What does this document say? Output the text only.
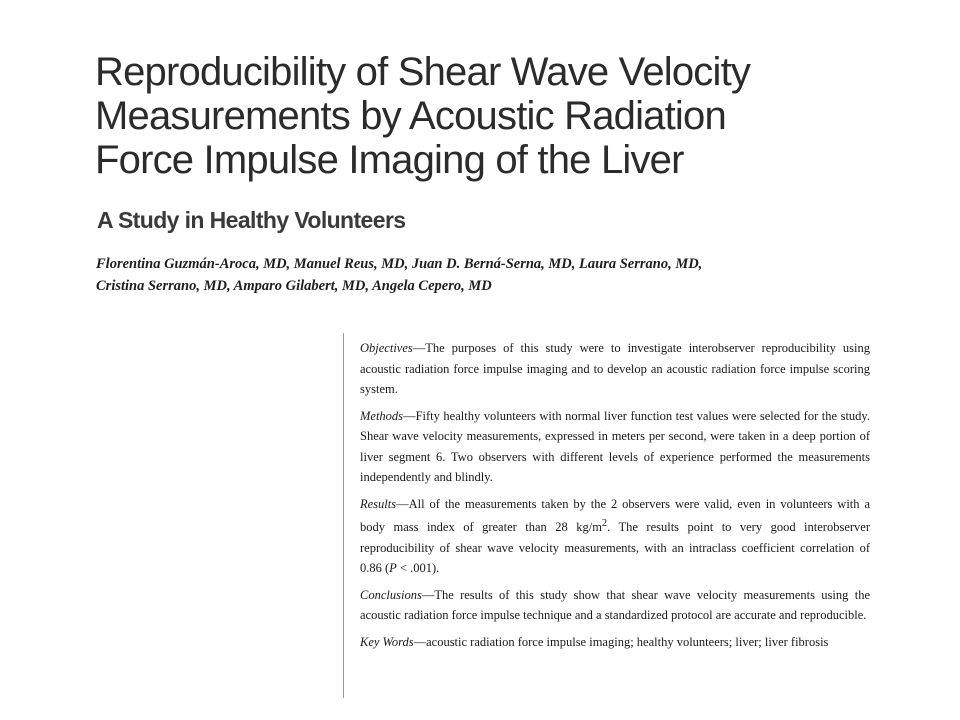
Reproducibility of Shear Wave Velocity
Measurements by Acoustic Radiation
Force Impulse Imaging of the Liver
A Study in Healthy Volunteers
Florentina Guzmán-Aroca, MD, Manuel Reus, MD, Juan D. Berná-Serna, MD, Laura Serrano, MD,
Cristina Serrano, MD, Amparo Gilabert, MD, Angela Cepero, MD

Objectives—The purposes of this study were to investigate interobserver reproducibility using acoustic radiation force impulse imaging and to develop an acoustic radiation force impulse scoring system.

Methods—Fifty healthy volunteers with normal liver function test values were selected for the study. Shear wave velocity measurements, expressed in meters per second, were taken in a deep portion of liver segment 6. Two observers with different levels of experience performed the measurements independently and blindly.

Results—All of the measurements taken by the 2 observers were valid, even in volunteers with a body mass index of greater than 28 $kg/m^2$. The results point to very good interobserver reproducibility of shear wave velocity measurements, with an intraclass coefficient correlation of 0.86 (P < .001).

Conclusions—The results of this study show that shear wave velocity measurements using the acoustic radiation force impulse technique and a standardized protocol are accurate and reproducible.

Key Words—acoustic radiation force impulse imaging; healthy volunteers; liver; liver fibrosis
